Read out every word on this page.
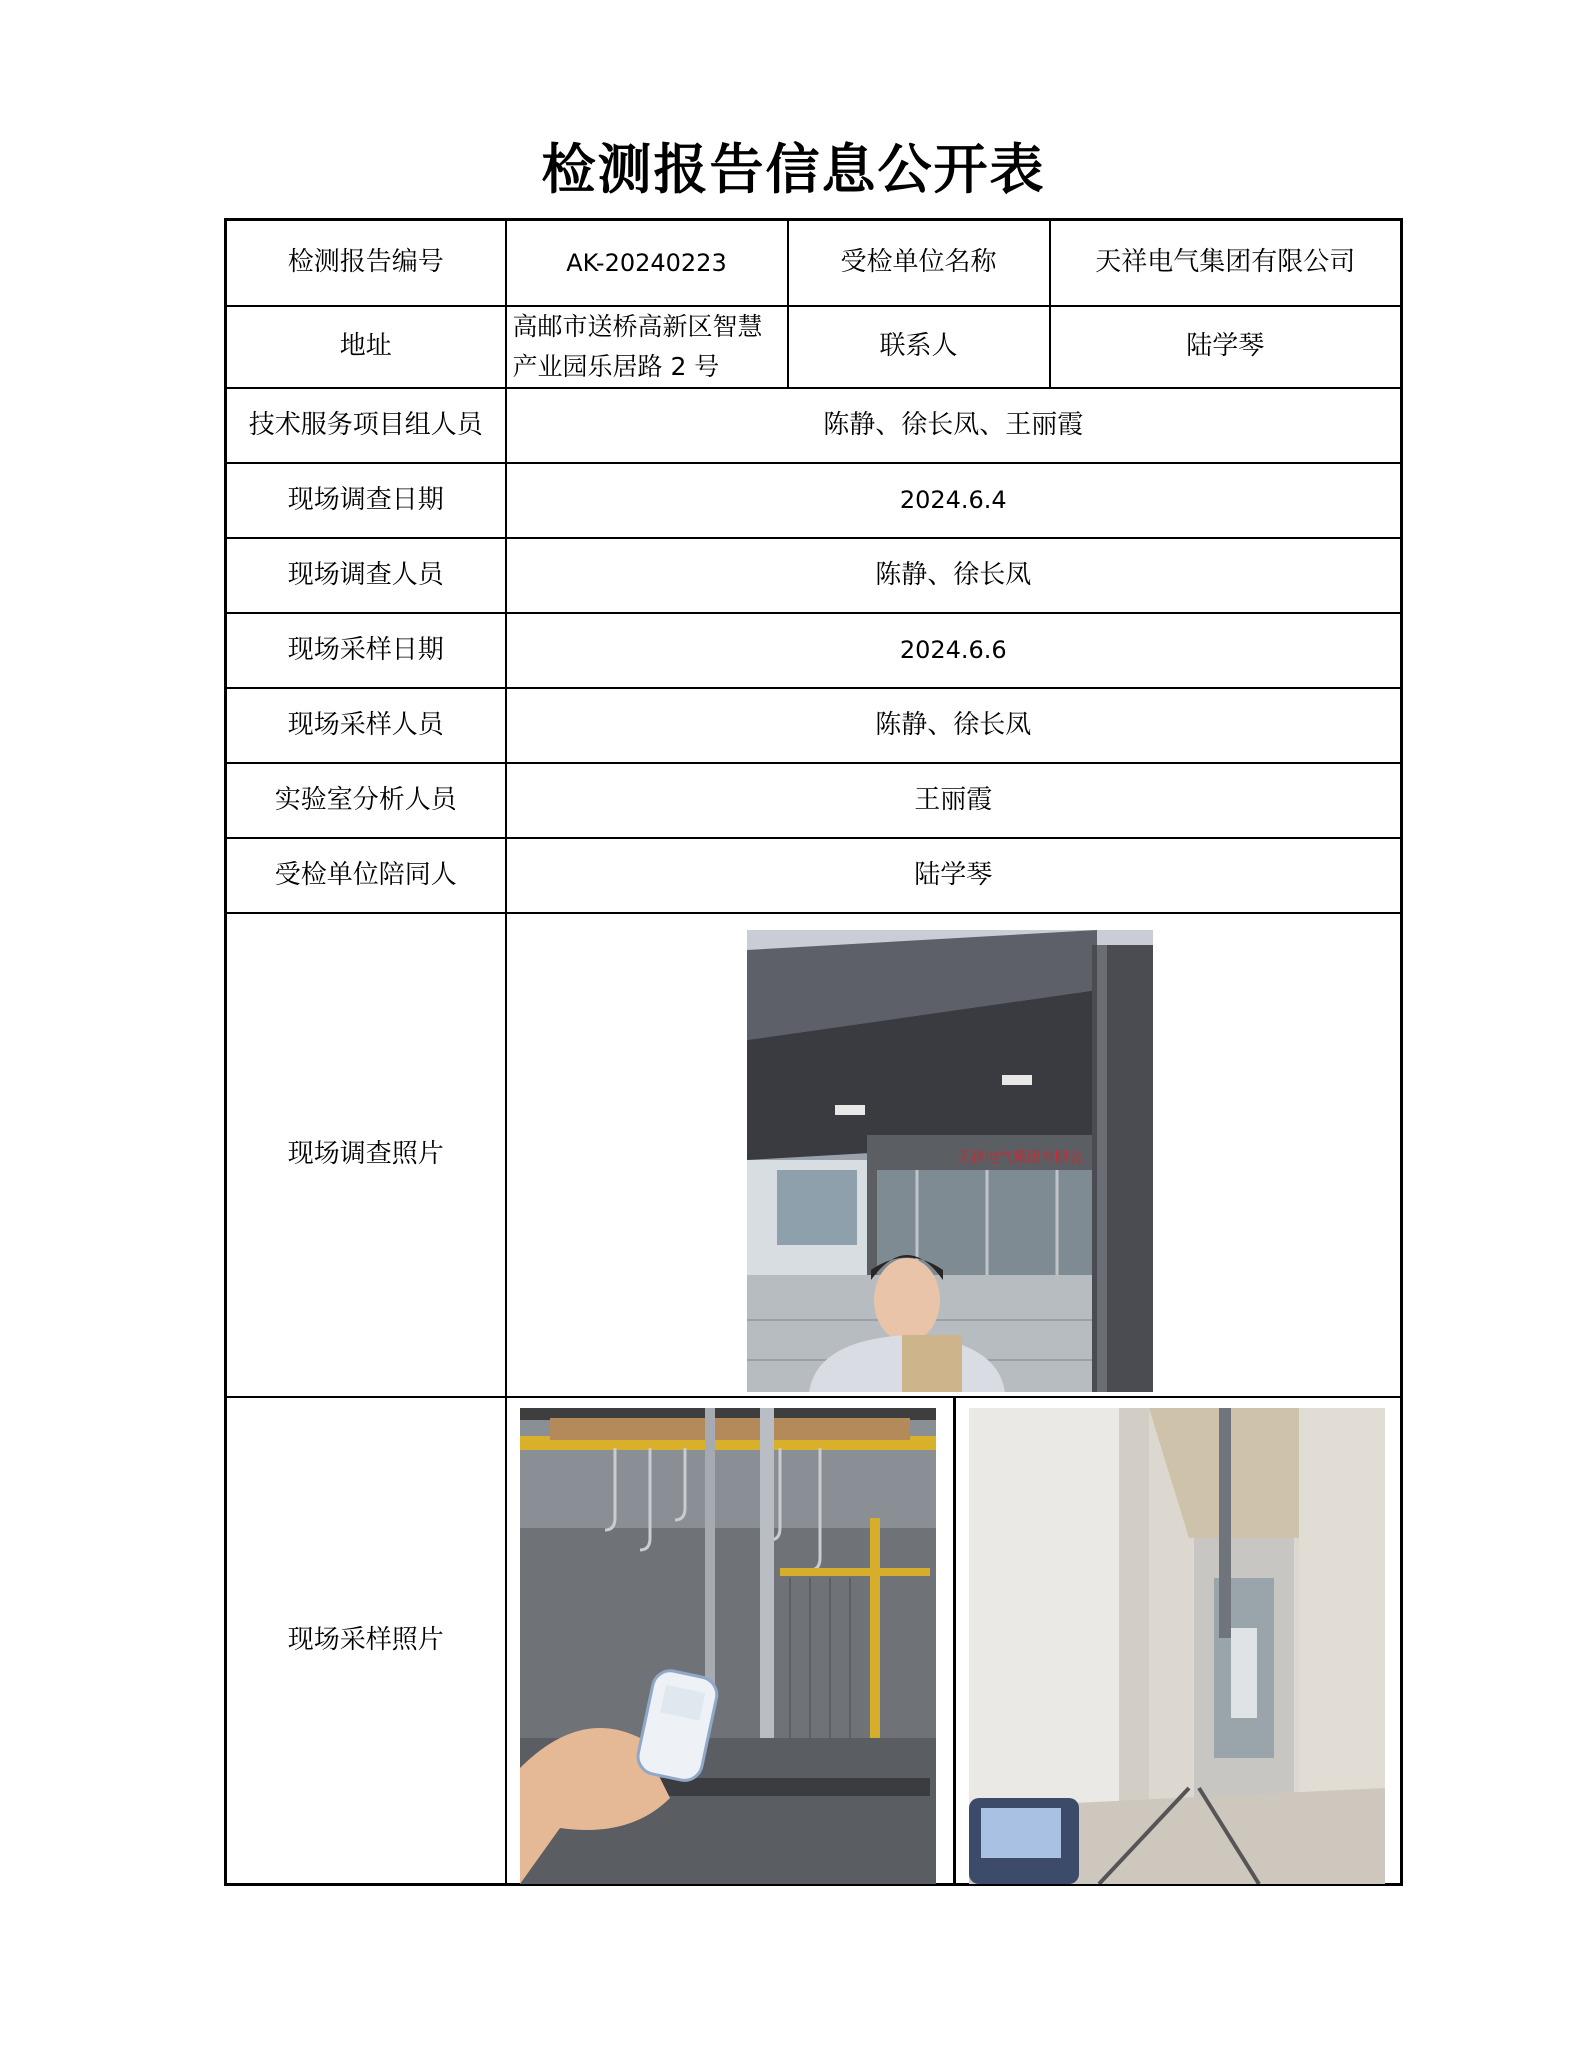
检测报告信息公开表
检测报告编号	AK-20240223	受检单位名称	天祥电气集团有限公司
地址	高邮市送桥高新区智慧产业园乐居路 2 号	联系人	陆学琴
技术服务项目组人员	陈静、徐长凤、王丽霞		
现场调查日期	2024.6.4		
现场调查人员	陈静、徐长凤		
现场采样日期	2024.6.6		
现场采样人员	陈静、徐长凤		
实验室分析人员	王丽霞		
受检单位陪同人	陆学琴		
现场调查照片	天祥电气集团有限公		

现场采样照片	
